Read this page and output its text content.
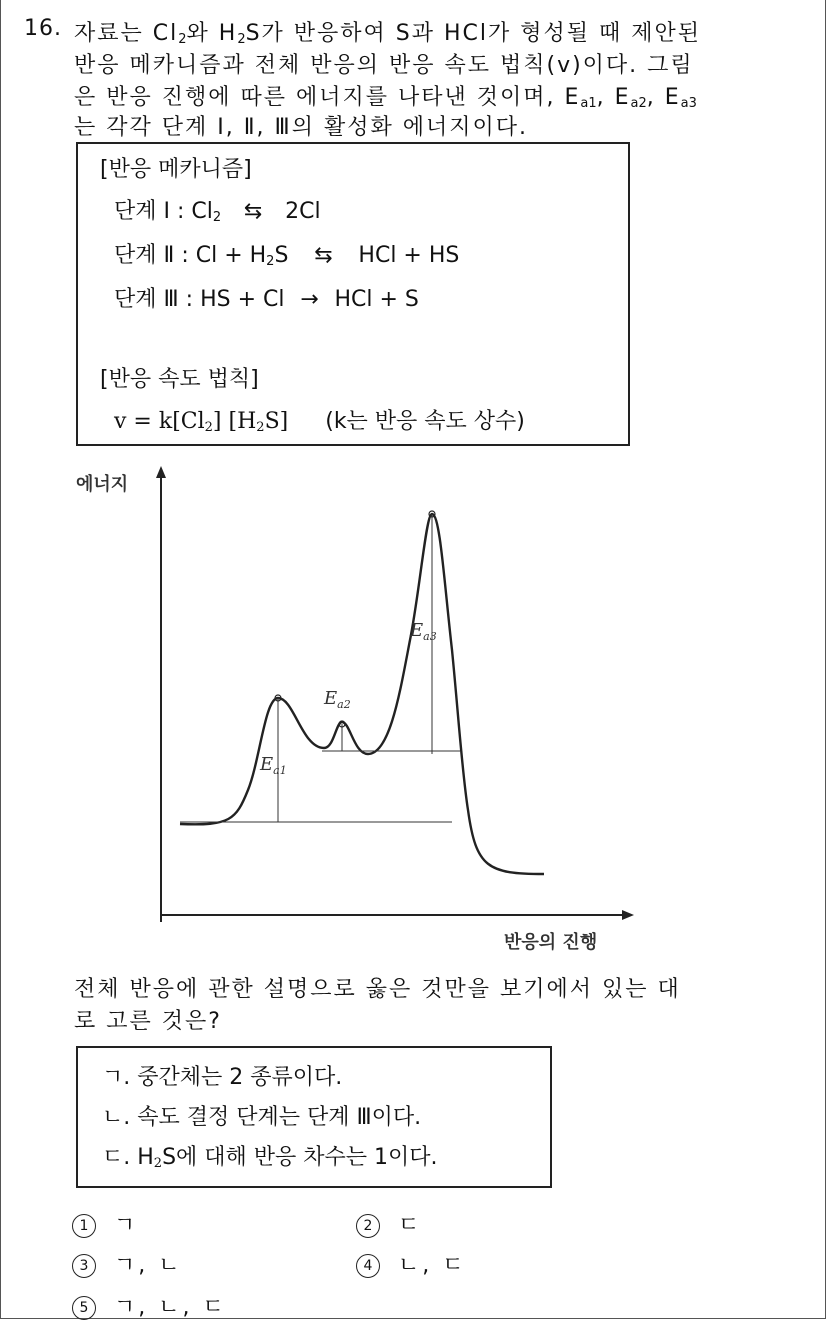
16. 자료는 $Cl_2$와 $H_2S$가 반응하여 S과 HCl가 형성될 때 제안된
반응 메카니즘과 전체 반응의 반응 속도 법칙(v)이다. 그림
은 반응 진행에 따른 에너지를 나타낸 것이며, $E_{a1}$, $E_{a2}$, $E_{a3}$
는 각각 단계 Ⅰ, Ⅱ, Ⅲ의 활성화 에너지이다.
[반응 메카니즘]
단계 Ⅰ : $Cl_2$ ⇆ 2Cl
단계 Ⅱ : $Cl + H_2S$ ⇆ HCl + HS
단계 Ⅲ : HS + Cl → HCl + S
[반응 속도 법칙]
$v = k[Cl_2]$ $[H_2S]$ (k는 반응 속도 상수)
에너지
반응의 진행
$E_{a1}$
$E_{a2}$
$E_{a3}$
전체 반응에 관한 설명으로 옳은 것만을 보기에서 있는 대
로 고른 것은?
ㄱ. 중간체는 2 종류이다.
ㄴ. 속도 결정 단계는 단계 Ⅲ이다.
ㄷ. $H_2S$에 대해 반응 차수는 1이다.
1 ㄱ	2 ㄷ
3 ㄱ, ㄴ	4 ㄴ, ㄷ
5 ㄱ, ㄴ, ㄷ
